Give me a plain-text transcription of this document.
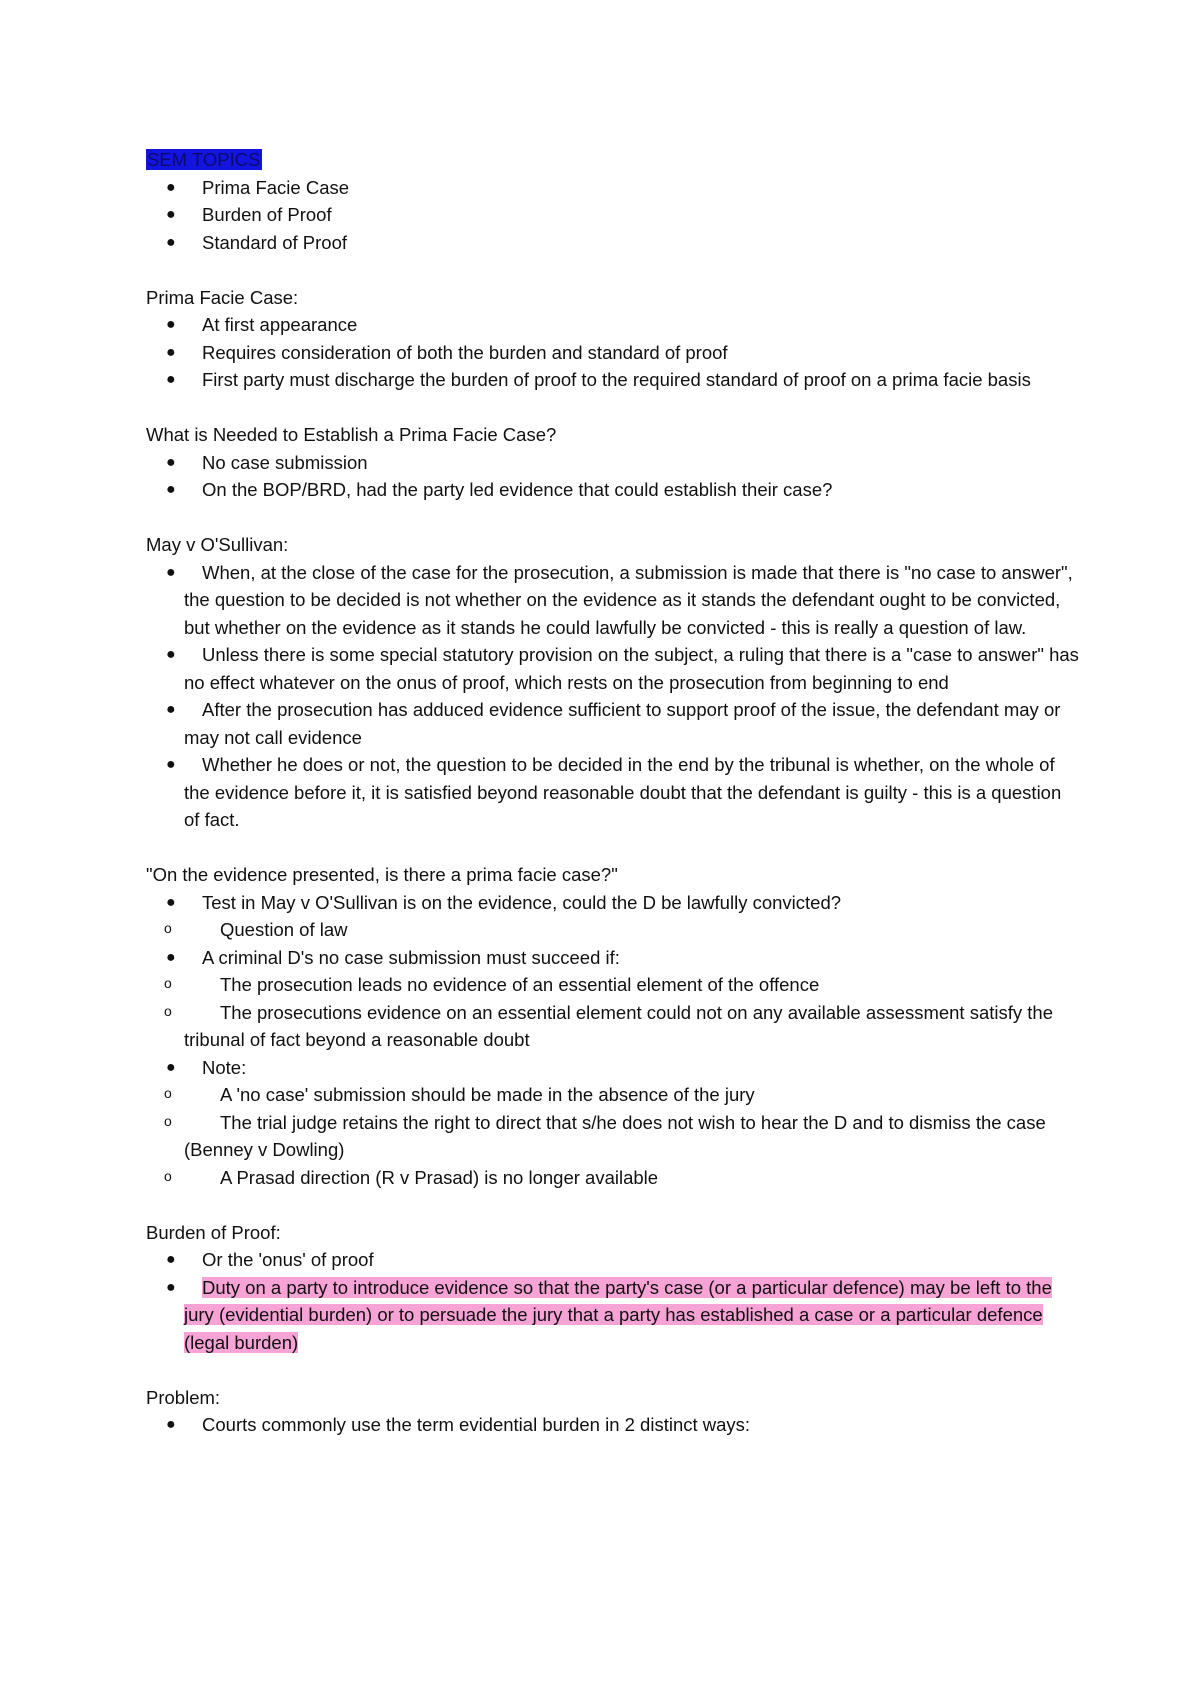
SEM TOPICS
●	Prima Facie Case
●	Burden of Proof
●	Standard of Proof
Prima Facie Case:
●	At first appearance
●	Requires consideration of both the burden and standard of proof
●	First party must discharge the burden of proof to the required standard of proof on a prima facie basis
What is Needed to Establish a Prima Facie Case?
●	No case submission
●	On the BOP/BRD, had the party led evidence that could establish their case?
May v O'Sullivan:
●	When, at the close of the case for the prosecution, a submission is made that there is "no case to answer", the question to be decided is not whether on the evidence as it stands the defendant ought to be convicted, but whether on the evidence as it stands he could lawfully be convicted - this is really a question of law.
●	Unless there is some special statutory provision on the subject, a ruling that there is a "case to answer" has no effect whatever on the onus of proof, which rests on the prosecution from beginning to end
●	After the prosecution has adduced evidence sufficient to support proof of the issue, the defendant may or may not call evidence
●	Whether he does or not, the question to be decided in the end by the tribunal is whether, on the whole of the evidence before it, it is satisfied beyond reasonable doubt that the defendant is guilty - this is a question of fact.
"On the evidence presented, is there a prima facie case?"
●	Test in May v O'Sullivan is on the evidence, could the D be lawfully convicted?
o	Question of law
●	A criminal D's no case submission must succeed if:
o	The prosecution leads no evidence of an essential element of the offence
o	The prosecutions evidence on an essential element could not on any available assessment satisfy the tribunal of fact beyond a reasonable doubt
●	Note:
o	A 'no case' submission should be made in the absence of the jury
o	The trial judge retains the right to direct that s/he does not wish to hear the D and to dismiss the case (Benney v Dowling)
o	A Prasad direction (R v Prasad) is no longer available
Burden of Proof:
●	Or the 'onus' of proof
●	Duty on a party to introduce evidence so that the party's case (or a particular defence) may be left to the jury (evidential burden) or to persuade the jury that a party has established a case or a particular defence (legal burden)
Problem:
●	Courts commonly use the term evidential burden in 2 distinct ways:
